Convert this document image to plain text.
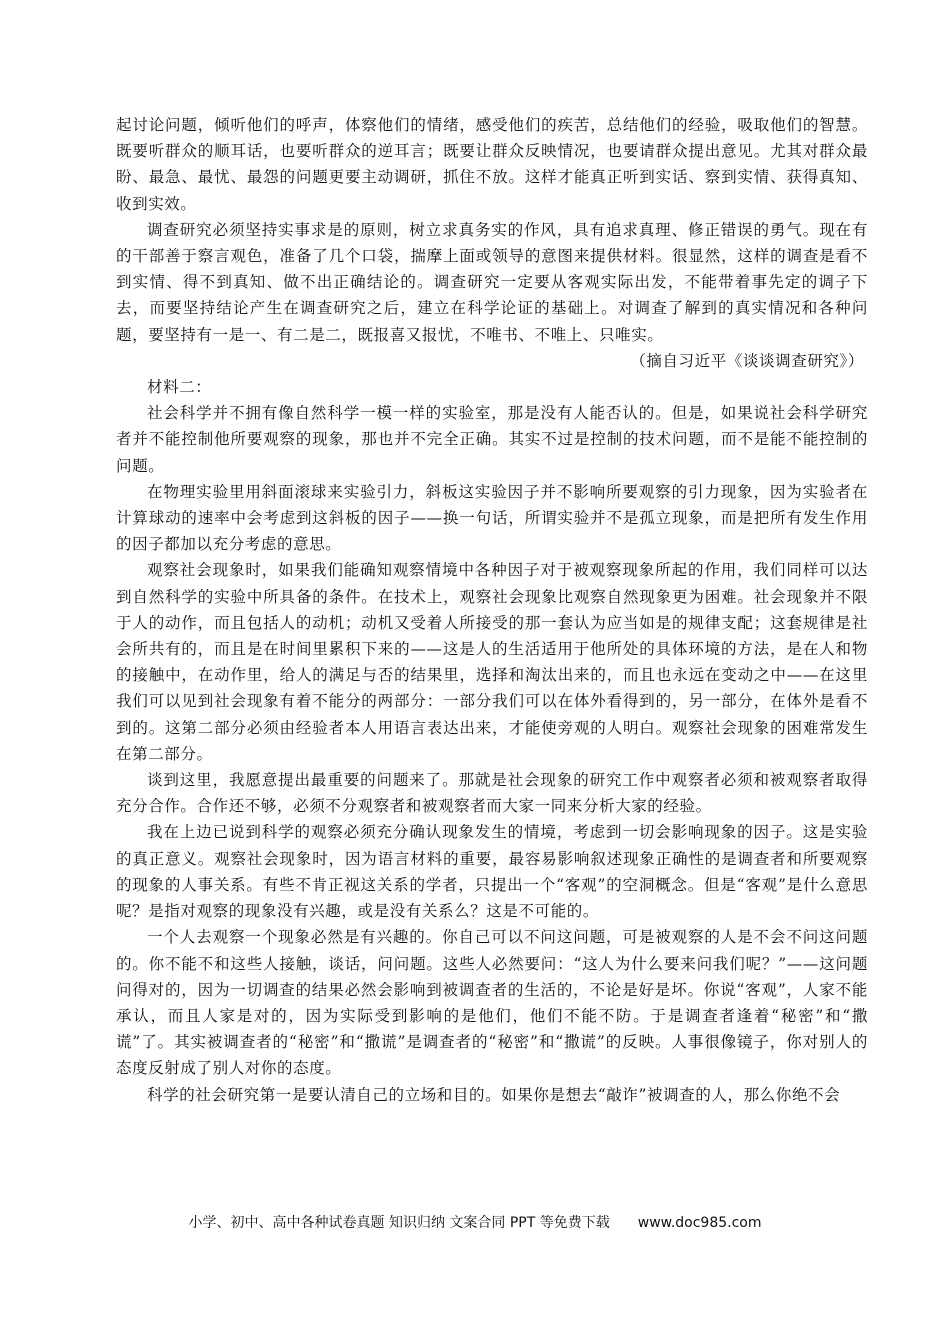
起讨论问题，倾听他们的呼声，体察他们的情绪，感受他们的疾苦，总结他们的经验，吸取他们的智慧。既要听群众的顺耳话，也要听群众的逆耳言；既要让群众反映情况，也要请群众提出意见。尤其对群众最盼、最急、最忧、最怨的问题更要主动调研，抓住不放。这样才能真正听到实话、察到实情、获得真知、收到实效。

调查研究必须坚持实事求是的原则，树立求真务实的作风，具有追求真理、修正错误的勇气。现在有的干部善于察言观色，准备了几个口袋，揣摩上面或领导的意图来提供材料。很显然，这样的调查是看不到实情、得不到真知、做不出正确结论的。调查研究一定要从客观实际出发，不能带着事先定的调子下去，而要坚持结论产生在调查研究之后，建立在科学论证的基础上。对调查了解到的真实情况和各种问题，要坚持有一是一、有二是二，既报喜又报忧，不唯书、不唯上、只唯实。

（摘自习近平《谈谈调查研究》）

材料二：

社会科学并不拥有像自然科学一模一样的实验室，那是没有人能否认的。但是，如果说社会科学研究者并不能控制他所要观察的现象，那也并不完全正确。其实不过是控制的技术问题，而不是能不能控制的问题。

在物理实验里用斜面滚球来实验引力，斜板这实验因子并不影响所要观察的引力现象，因为实验者在计算球动的速率中会考虑到这斜板的因子——换一句话，所谓实验并不是孤立现象，而是把所有发生作用的因子都加以充分考虑的意思。

观察社会现象时，如果我们能确知观察情境中各种因子对于被观察现象所起的作用，我们同样可以达到自然科学的实验中所具备的条件。在技术上，观察社会现象比观察自然现象更为困难。社会现象并不限于人的动作，而且包括人的动机；动机又受着人所接受的那一套认为应当如是的规律支配；这套规律是社会所共有的，而且是在时间里累积下来的——这是人的生活适用于他所处的具体环境的方法，是在人和物的接触中，在动作里，给人的满足与否的结果里，选择和淘汰出来的，而且也永远在变动之中——在这里我们可以见到社会现象有着不能分的两部分：一部分我们可以在体外看得到的，另一部分，在体外是看不到的。这第二部分必须由经验者本人用语言表达出来，才能使旁观的人明白。观察社会现象的困难常发生在第二部分。

谈到这里，我愿意提出最重要的问题来了。那就是社会现象的研究工作中观察者必须和被观察者取得充分合作。合作还不够，必须不分观察者和被观察者而大家一同来分析大家的经验。

我在上边已说到科学的观察必须充分确认现象发生的情境，考虑到一切会影响现象的因子。这是实验的真正意义。观察社会现象时，因为语言材料的重要，最容易影响叙述现象正确性的是调查者和所要观察的现象的人事关系。有些不肯正视这关系的学者，只提出一个“客观”的空洞概念。但是“客观”是什么意思呢？是指对观察的现象没有兴趣，或是没有关系么？这是不可能的。

一个人去观察一个现象必然是有兴趣的。你自己可以不问这问题，可是被观察的人是不会不问这问题的。你不能不和这些人接触，谈话，问问题。这些人必然要问：“这人为什么要来问我们呢？”——这问题问得对的，因为一切调查的结果必然会影响到被调查者的生活的，不论是好是坏。你说“客观”，人家不能承认，而且人家是对的，因为实际受到影响的是他们，他们不能不防。于是调查者逢着“秘密”和“撒谎”了。其实被调查者的“秘密”和“撒谎”是调查者的“秘密”和“撒谎”的反映。人事很像镜子，你对别人的态度反射成了别人对你的态度。

科学的社会研究第一是要认清自己的立场和目的。如果你是想去“敲诈”被调查的人，那么你绝不会

小学、初中、高中各种试卷真题 知识归纳 文案合同 PPT 等免费下载 www.doc985.com
